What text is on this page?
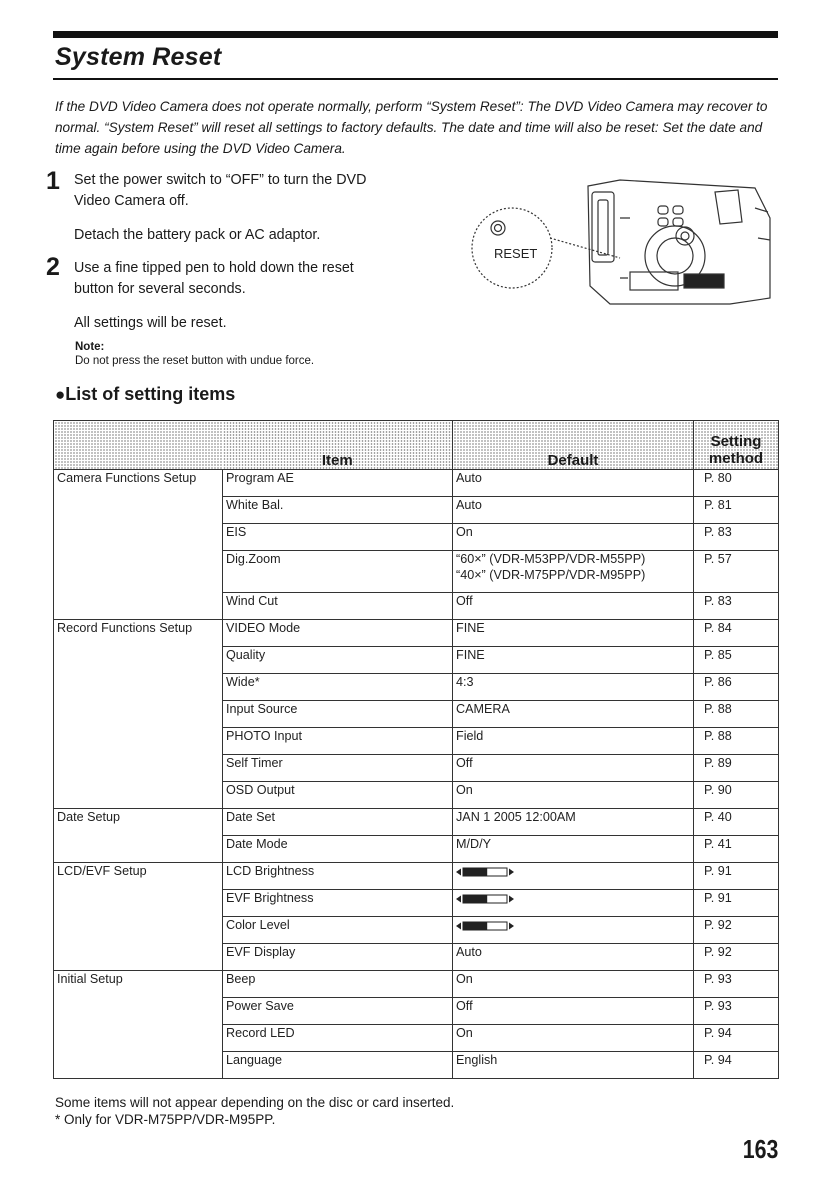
System Reset

If the DVD Video Camera does not operate normally, perform “System Reset”: The DVD Video Camera may recover to normal. “System Reset” will reset all settings to factory defaults. The date and time will also be reset: Set the date and time again before using the DVD Video Camera.

1 Set the power switch to “OFF” to turn the DVD

Video Camera off.

Detach the battery pack or AC adaptor.

2 Use a fine tipped pen to hold down the reset

button for several seconds.

All settings will be reset.

Note:
Do not press the reset button with undue force.
RESET
●List of setting items
	Item	Default	Setting
method
Camera Functions Setup	Program AE	Auto	P. 80
	White Bal.	Auto	P. 81
	EIS	On	P. 83
	Dig.Zoom	“60×” (VDR-M53PP/VDR-M55PP)
“40×” (VDR-M75PP/VDR-M95PP)	P. 57
	Wind Cut	Off	P. 83
Record Functions Setup	VIDEO Mode	FINE	P. 84
	Quality	FINE	P. 85
	Wide*	4:3	P. 86
	Input Source	CAMERA	P. 88
	PHOTO Input	Field	P. 88
	Self Timer	Off	P. 89
	OSD Output	On	P. 90
Date Setup	Date Set	JAN 1 2005 12:00AM	P. 40
	Date Mode	M/D/Y	P. 41
LCD/EVF Setup	LCD Brightness		P. 91
	EVF Brightness		P. 91
	Color Level		P. 92
	EVF Display	Auto	P. 92
Initial Setup	Beep	On	P. 93
	Power Save	Off	P. 93
	Record LED	On	P. 94
	Language	English	P. 94

Some items will not appear depending on the disc or card inserted.

* Only for VDR-M75PP/VDR-M95PP.

163
